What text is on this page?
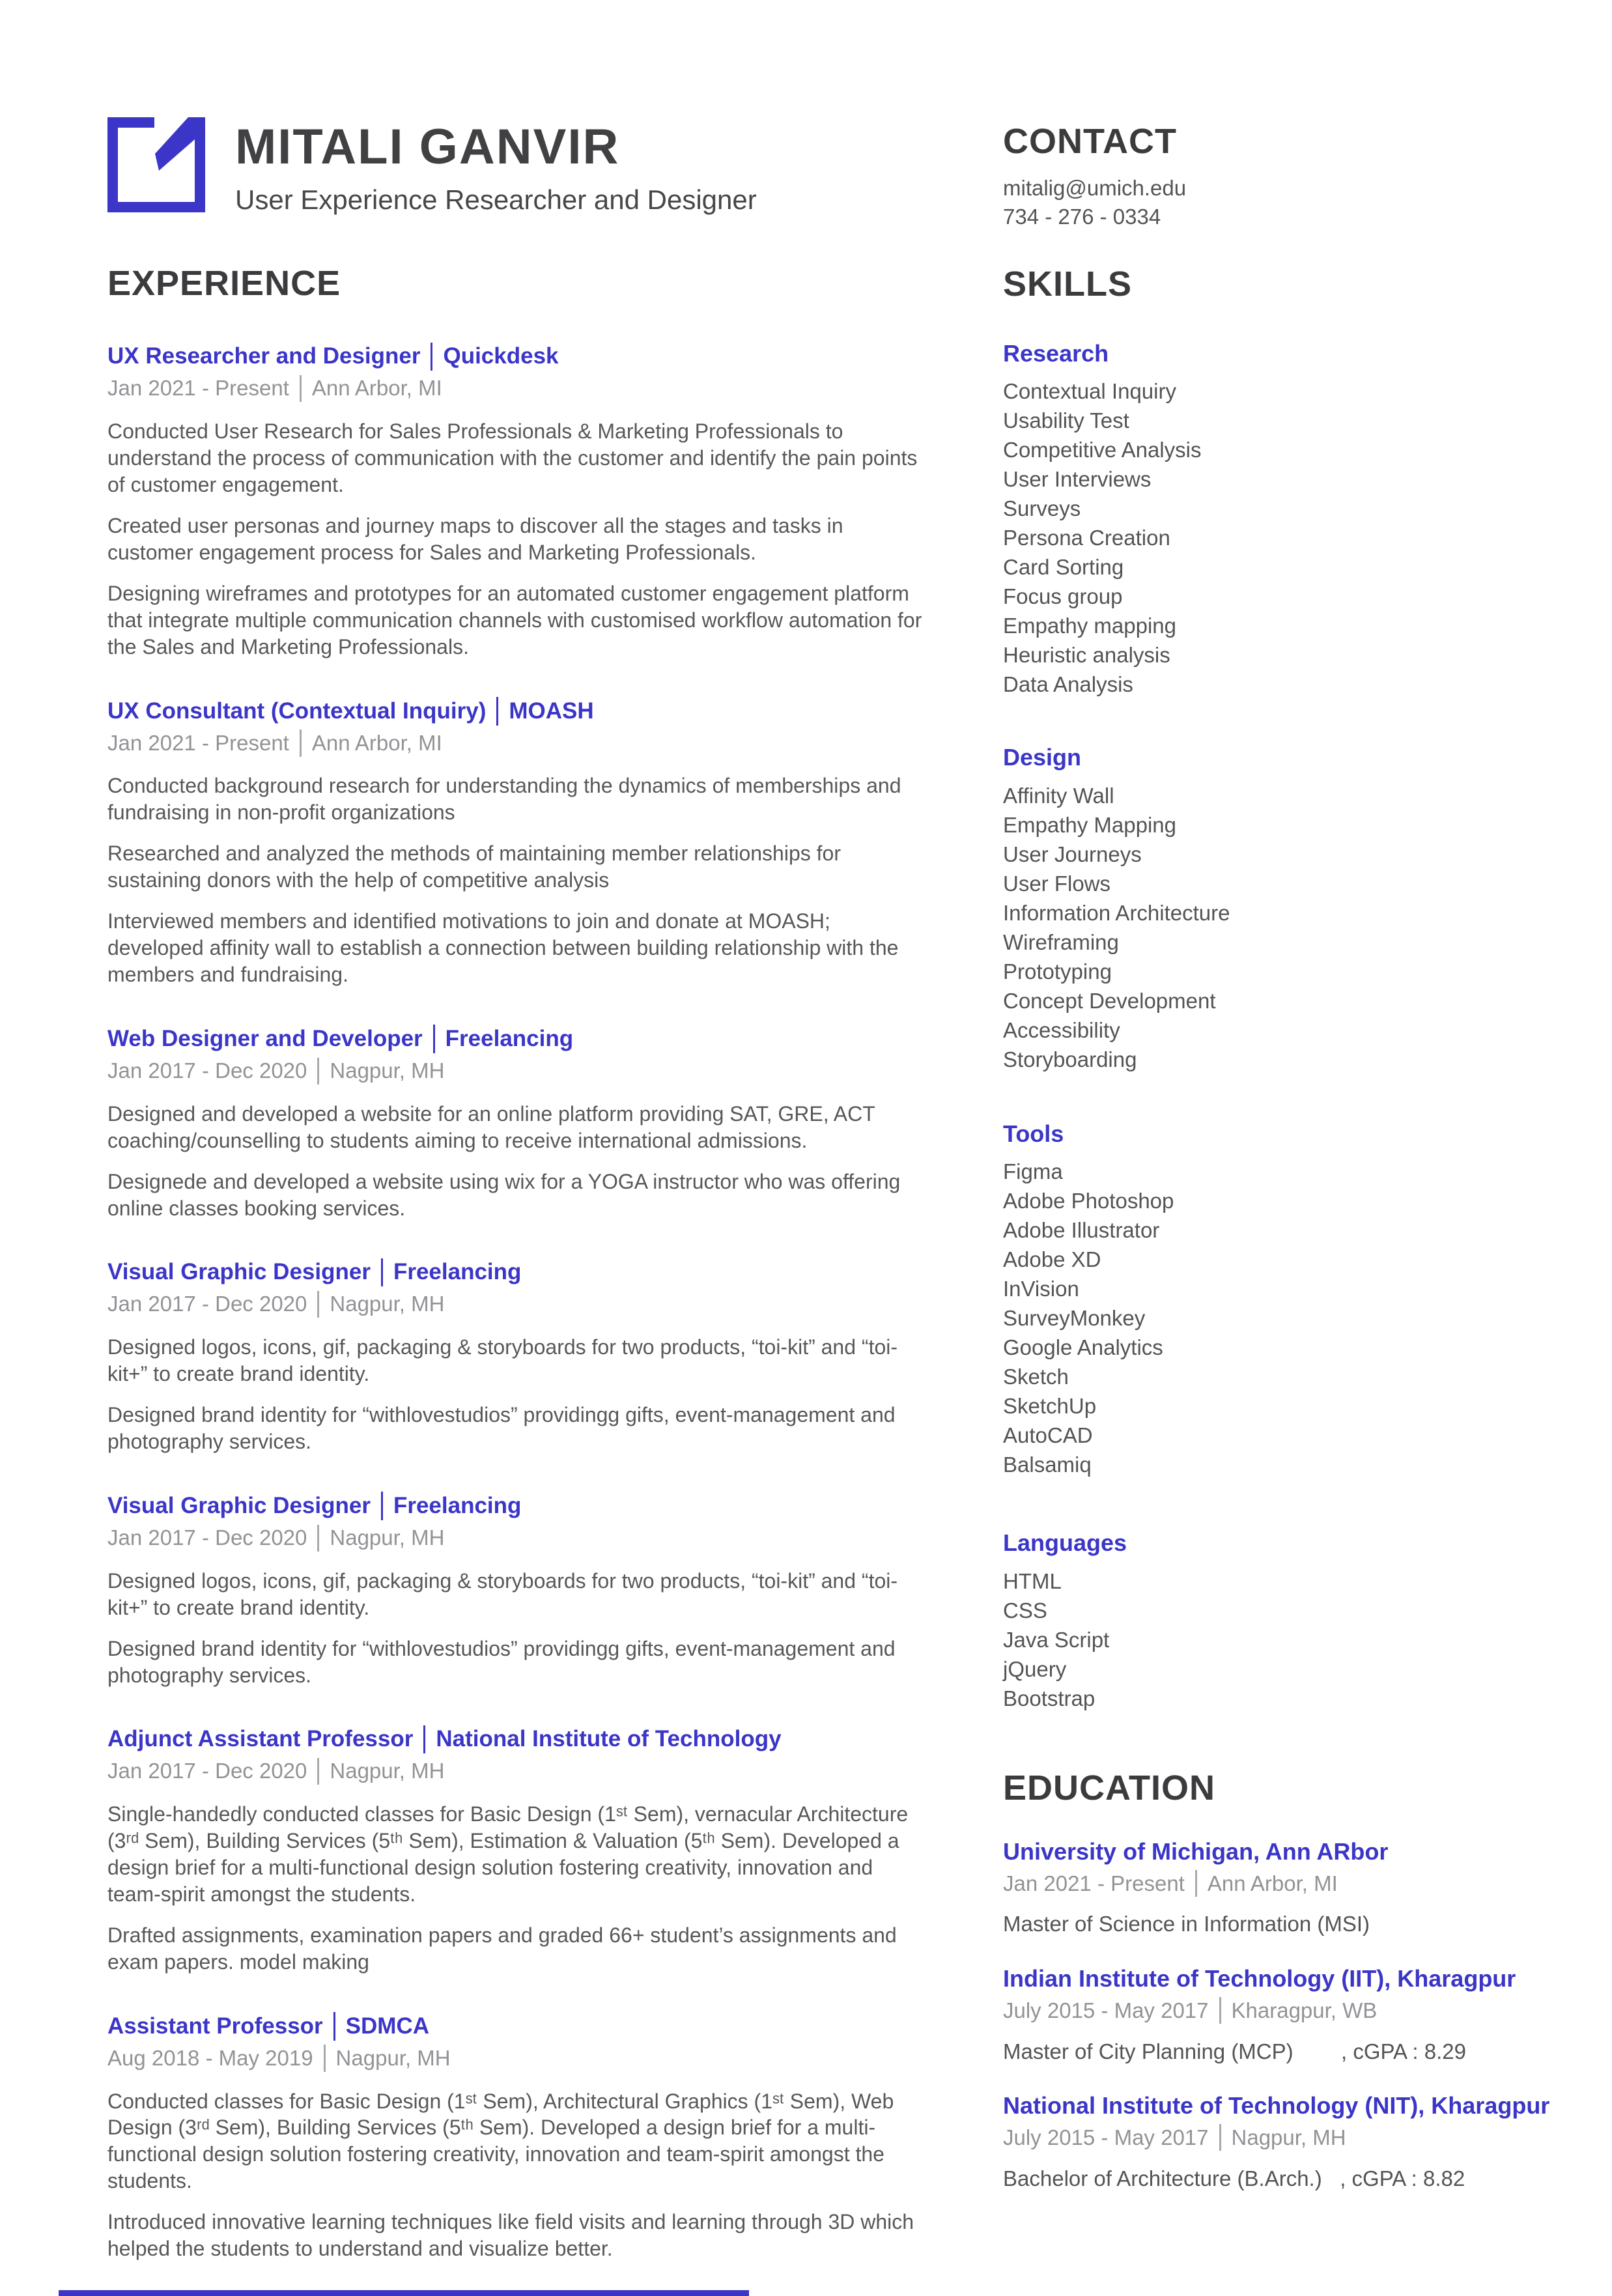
MITALI GANVIR
User Experience Researcher and Designer
EXPERIENCE
UX Researcher and Designer Quickdesk
Jan 2021 - Present Ann Arbor, MI

Conducted User Research for Sales Professionals & Marketing Professionals to understand the process of communication with the customer and identify the pain points of customer engagement.

Created user personas and journey maps to discover all the stages and tasks in customer engagement process for Sales and Marketing Professionals.

Designing wireframes and prototypes for an automated customer engagement platform that integrate multiple communication channels with customised workflow automation for the Sales and Marketing Professionals.

UX Consultant (Contextual Inquiry) MOASH
Jan 2021 - Present Ann Arbor, MI

Conducted background research for understanding the dynamics of memberships and fundraising in non-profit organizations

Researched and analyzed the methods of maintaining member relationships for sustaining donors with the help of competitive analysis

Interviewed members and identified motivations to join and donate at MOASH; developed affinity wall to establish a connection between building relationship with the members and fundraising.

Web Designer and Developer Freelancing
Jan 2017 - Dec 2020 Nagpur, MH

Designed and developed a website for an online platform providing SAT, GRE, ACT coaching/counselling to students aiming to receive international admissions.

Designede and developed a website using wix for a YOGA instructor who was offering online classes booking services.

Visual Graphic Designer Freelancing
Jan 2017 - Dec 2020 Nagpur, MH

Designed logos, icons, gif, packaging & storyboards for two products, “toi-kit” and “toi-kit+” to create brand identity.

Designed brand identity for “withlovestudios” providingg gifts, event-management and photography services.

Visual Graphic Designer Freelancing
Jan 2017 - Dec 2020 Nagpur, MH

Designed logos, icons, gif, packaging & storyboards for two products, “toi-kit” and “toi-kit+” to create brand identity.

Designed brand identity for “withlovestudios” providingg gifts, event-management and photography services.

Adjunct Assistant Professor National Institute of Technology
Jan 2017 - Dec 2020 Nagpur, MH

Single-handedly conducted classes for Basic Design (1ˢᵗ Sem), vernacular Architecture (3ʳᵈ Sem), Building Services (5ᵗʰ Sem), Estimation & Valuation (5ᵗʰ Sem). Developed a design brief for a multi-functional design solution fostering creativity, innovation and team-spirit amongst the students.

Drafted assignments, examination papers and graded 66+ student’s assignments and exam papers. model making

Assistant Professor SDMCA
Aug 2018 - May 2019 Nagpur, MH

Conducted classes for Basic Design (1ˢᵗ Sem), Architectural Graphics (1ˢᵗ Sem), Web Design (3ʳᵈ Sem), Building Services (5ᵗʰ Sem). Developed a design brief for a multi-functional design solution fostering creativity, innovation and team-spirit amongst the students.

Introduced innovative learning techniques like field visits and learning through 3D which helped the students to understand and visualize better.

CONTACT
mitalig@umich.edu
734 - 276 - 0334
SKILLS
Research
Contextual Inquiry
Usability Test
Competitive Analysis
User Interviews
Surveys
Persona Creation
Card Sorting
Focus group
Empathy mapping
Heuristic analysis
Data Analysis
Design
Affinity Wall
Empathy Mapping
User Journeys
User Flows
Information Architecture
Wireframing
Prototyping
Concept Development
Accessibility
Storyboarding
Tools
Figma
Adobe Photoshop
Adobe Illustrator
Adobe XD
InVision
SurveyMonkey
Google Analytics
Sketch
SketchUp
AutoCAD
Balsamiq
Languages
HTML
CSS
Java Script
jQuery
Bootstrap
EDUCATION
University of Michigan, Ann ARbor
Jan 2021 - Present Ann Arbor, MI
Master of Science in Information (MSI)
Indian Institute of Technology (IIT), Kharagpur
July 2015 - May 2017 Kharagpur, WB
Master of City Planning (MCP)        , cGPA : 8.29
National Institute of Technology (NIT), Kharagpur
July 2015 - May 2017 Nagpur, MH
Bachelor of Architecture (B.Arch.)   , cGPA : 8.82
